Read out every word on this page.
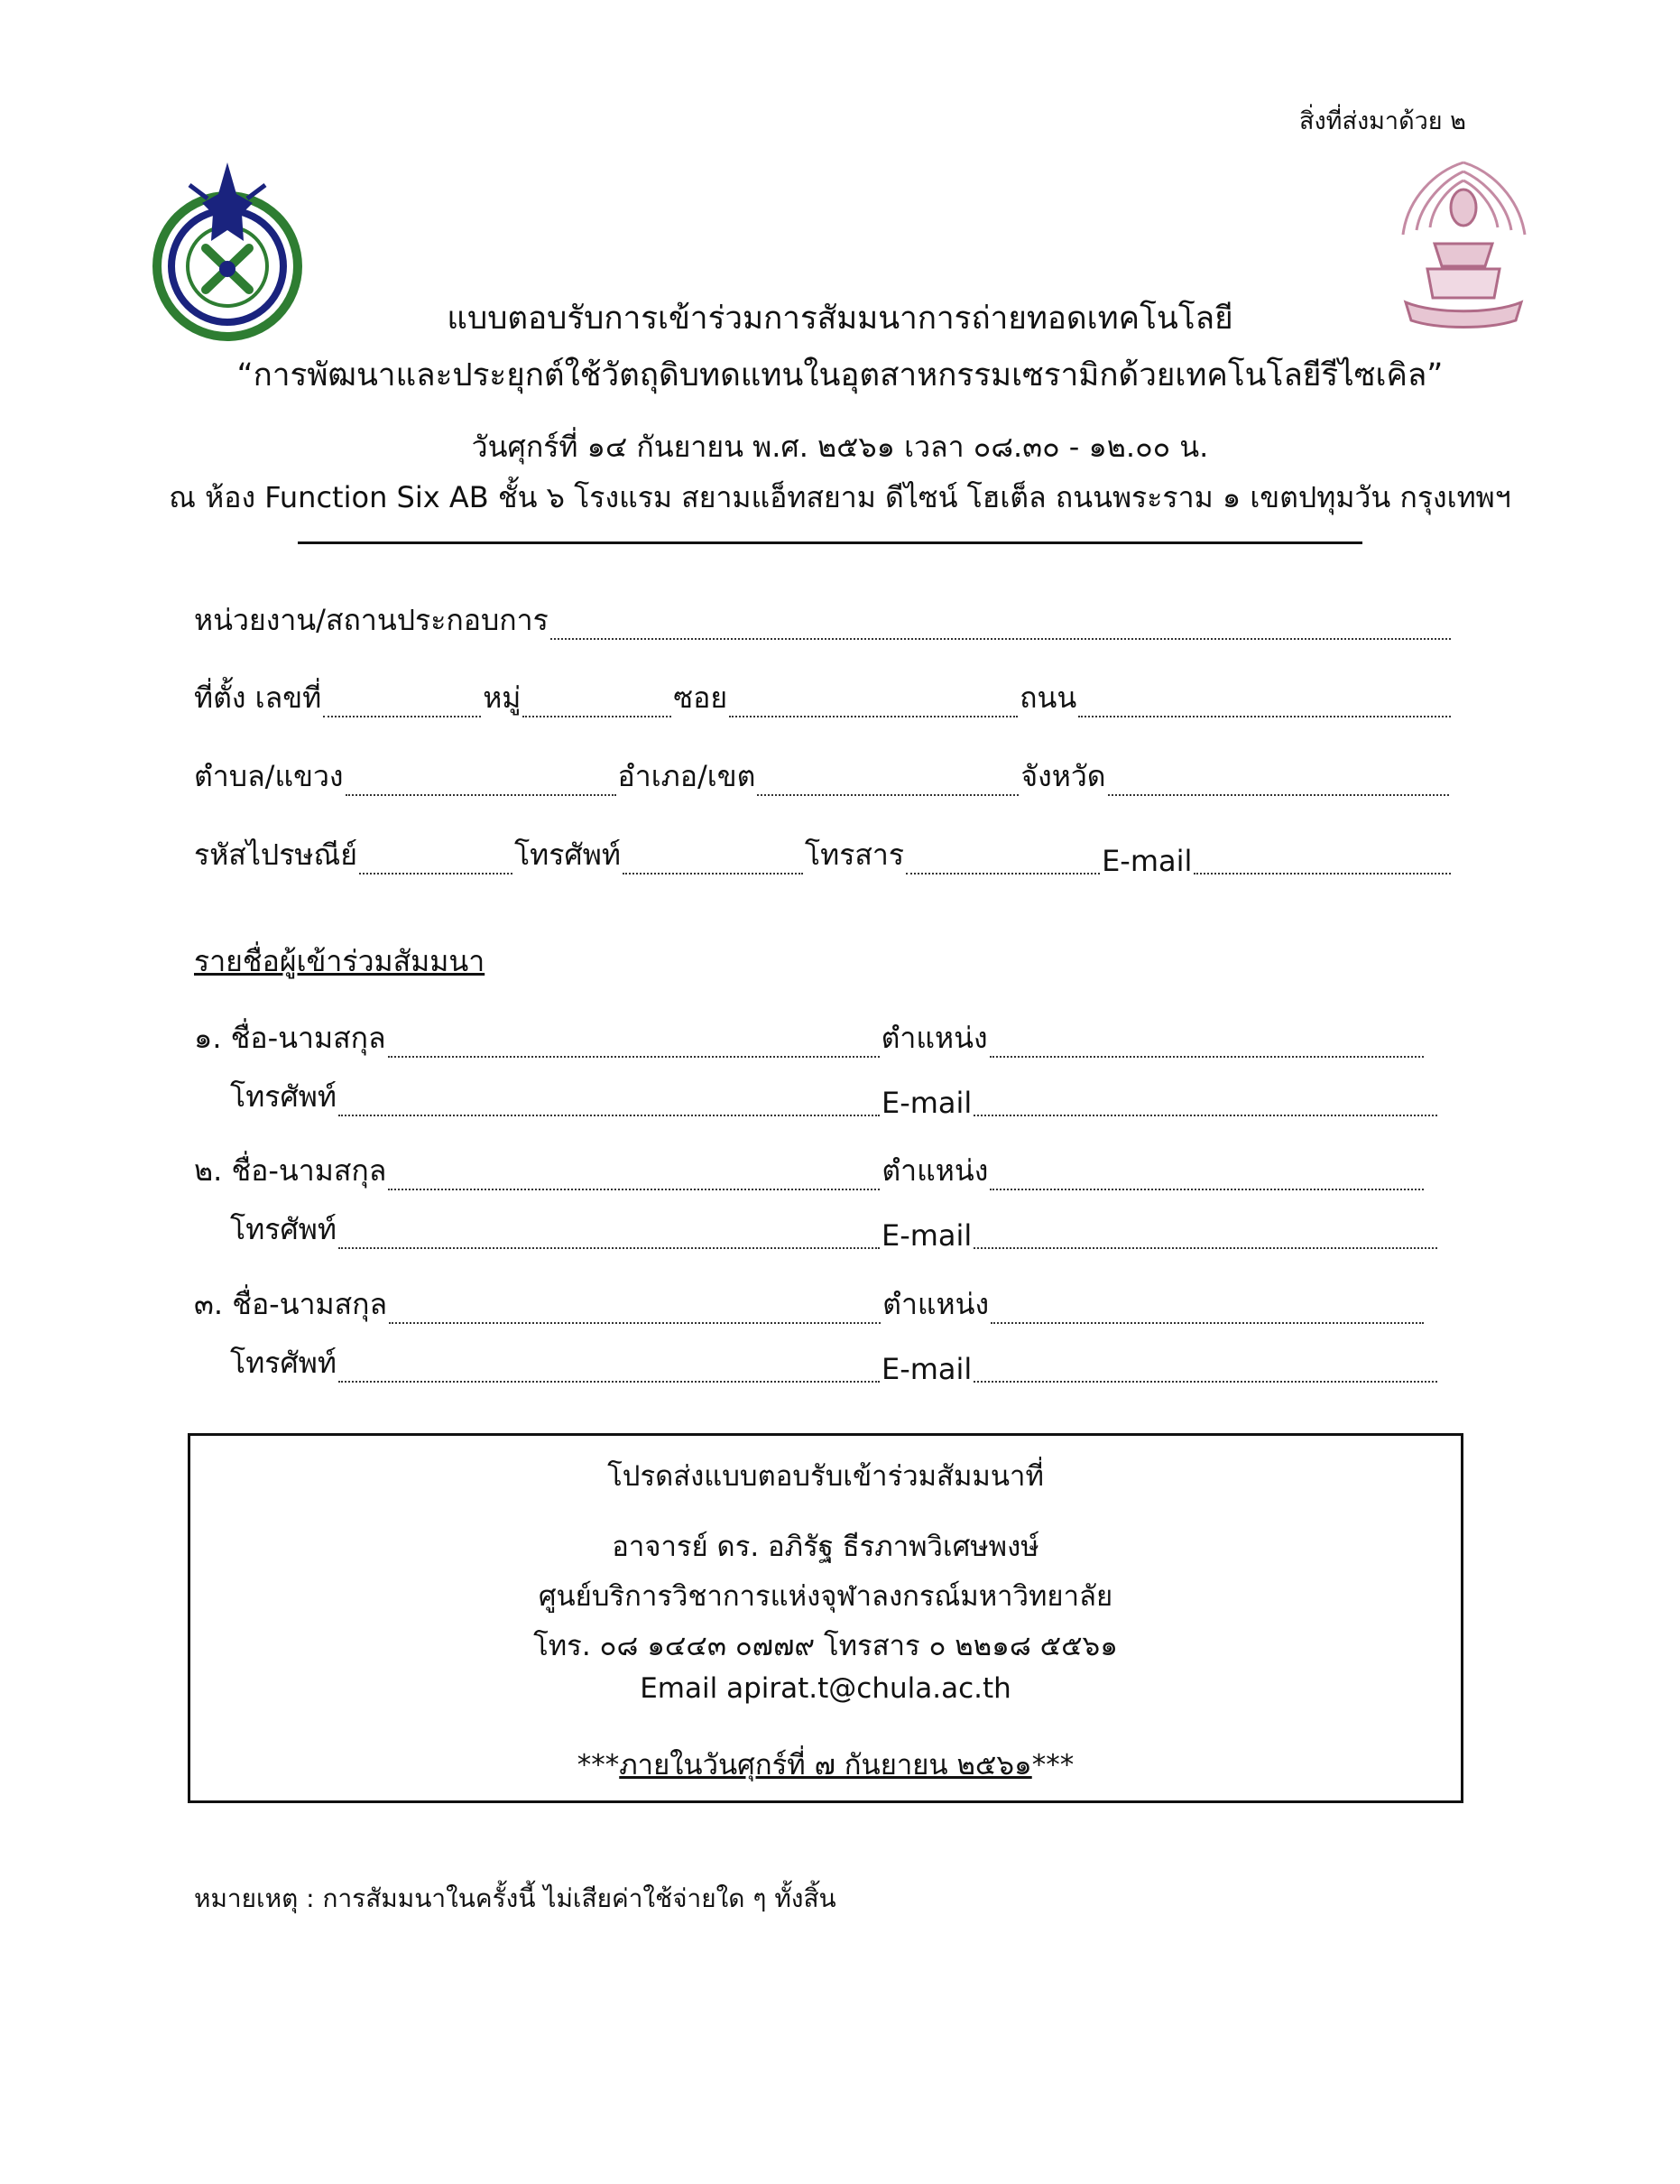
สิ่งที่ส่งมาด้วย ๒
แบบตอบรับการเข้าร่วมการสัมมนาการถ่ายทอดเทคโนโลยี
“การพัฒนาและประยุกต์ใช้วัตถุดิบทดแทนในอุตสาหกรรมเซรามิกด้วยเทคโนโลยีรีไซเคิล”
วันศุกร์ที่ ๑๔ กันยายน พ.ศ. ๒๕๖๑ เวลา ๐๘.๓๐ - ๑๒.๐๐ น.
ณ ห้อง Function Six AB ชั้น ๖ โรงแรม สยามแอ็ทสยาม ดีไซน์ โฮเต็ล ถนนพระราม ๑ เขตปทุมวัน กรุงเทพฯ
หน่วยงาน/สถานประกอบการ
ที่ตั้ง เลขที่	หมู่	ซอย	ถนน
ตำบล/แขวง	อำเภอ/เขต	จังหวัด
รหัสไปรษณีย์	โทรศัพท์	โทรสาร	E-mail
รายชื่อผู้เข้าร่วมสัมมนา
๑. ชื่อ-นามสกุล	ตำแหน่ง
โทรศัพท์	E-mail
๒. ชื่อ-นามสกุล	ตำแหน่ง
โทรศัพท์	E-mail
๓. ชื่อ-นามสกุล	ตำแหน่ง
โทรศัพท์	E-mail
โปรดส่งแบบตอบรับเข้าร่วมสัมมนาที่
อาจารย์ ดร. อภิรัฐ ธีรภาพวิเศษพงษ์
ศูนย์บริการวิชาการแห่งจุฬาลงกรณ์มหาวิทยาลัย
โทร. ๐๘ ๑๔๔๓ ๐๗๗๙ โทรสาร ๐ ๒๒๑๘ ๕๕๖๑
Email apirat.t@chula.ac.th
***ภายในวันศุกร์ที่ ๗ กันยายน ๒๕๖๑***
หมายเหตุ : การสัมมนาในครั้งนี้ ไม่เสียค่าใช้จ่ายใด ๆ ทั้งสิ้น
